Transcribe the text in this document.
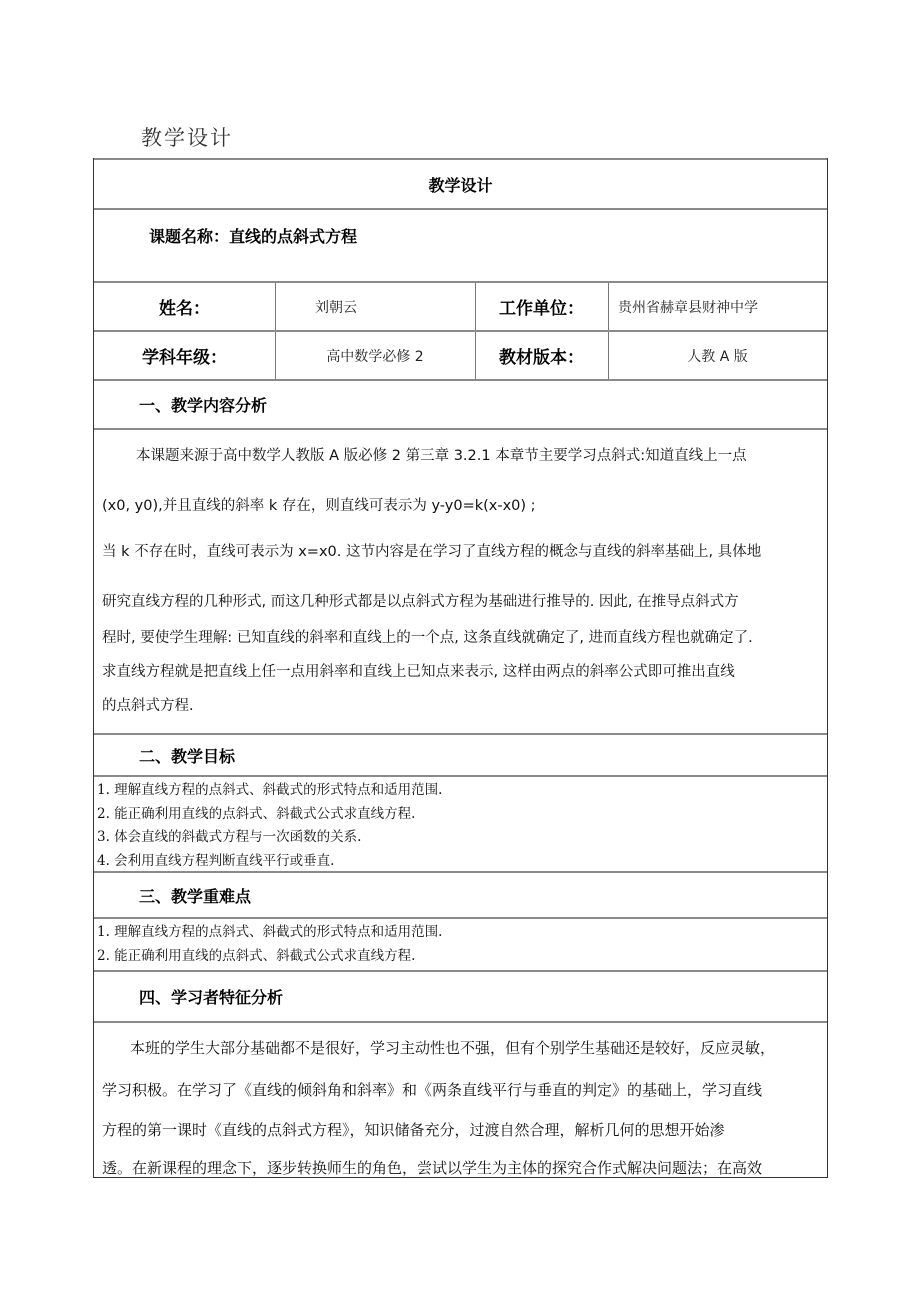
教学设计
教学设计
课题名称： 直线的点斜式方程
姓名：	刘朝云	工作单位：	贵州省赫章县财神中学
学科年级：	高中数学必修 2	教材版本：	人教 A 版
一、教学内容分析
本课题来源于高中数学人教版 A 版必修 2 第三章 3.2.1 本章节主要学习点斜式:知道直线上一点
(x0, y0),并且直线的斜率 k 存在，则直线可表示为 y-y0=k(x-x0) ;
当 k 不存在时，直线可表示为 x=x0. 这节内容是在学习了直线方程的概念与直线的斜率基础上, 具体地
研究直线方程的几种形式, 而这几种形式都是以点斜式方程为基础进行推导的. 因此, 在推导点斜式方
程时, 要使学生理解: 已知直线的斜率和直线上的一个点, 这条直线就确定了, 进而直线方程也就确定了.
求直线方程就是把直线上任一点用斜率和直线上已知点来表示, 这样由两点的斜率公式即可推出直线
的点斜式方程.
二、教学目标
1. 理解直线方程的点斜式、斜截式的形式特点和适用范围.
2. 能正确利用直线的点斜式、斜截式公式求直线方程.
3. 体会直线的斜截式方程与一次函数的关系.
4. 会利用直线方程判断直线平行或垂直.
三、教学重难点
1. 理解直线方程的点斜式、斜截式的形式特点和适用范围.
2. 能正确利用直线的点斜式、斜截式公式求直线方程.
四、学习者特征分析
本班的学生大部分基础都不是很好，学习主动性也不强，但有个别学生基础还是较好，反应灵敏，
学习积极。在学习了《直线的倾斜角和斜率》和《两条直线平行与垂直的判定》的基础上，学习直线
方程的第一课时《直线的点斜式方程》，知识储备充分，过渡自然合理，解析几何的思想开始渗
透。在新课程的理念下，逐步转换师生的角色，尝试以学生为主体的探究合作式解决问题法；在高效
